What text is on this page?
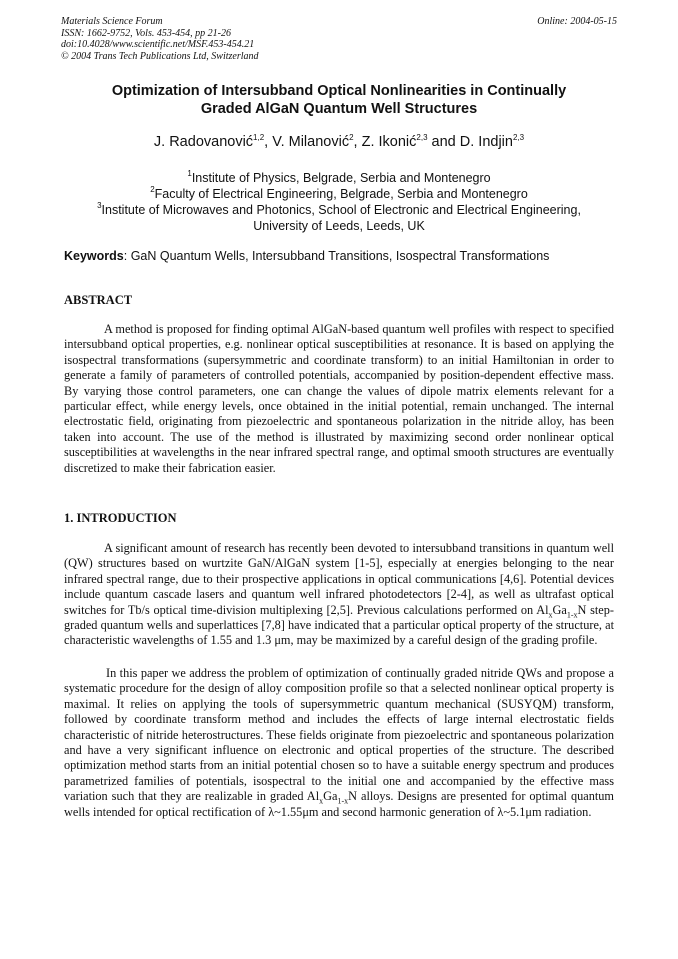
Materials Science Forum
ISSN: 1662-9752, Vols. 453-454, pp 21-26
doi:10.4028/www.scientific.net/MSF.453-454.21
© 2004 Trans Tech Publications Ltd, Switzerland
Online: 2004-05-15
Optimization of Intersubband Optical Nonlinearities in Continually
Graded AlGaN Quantum Well Structures
J. Radovanović$^{1,2}$, V. Milanović$^2$, Z. Ikonić$^{2,3}$ and D. Indjin$^{2,3}$
$^1$Institute of Physics, Belgrade, Serbia and Montenegro
$^2$Faculty of Electrical Engineering, Belgrade, Serbia and Montenegro
$^3$Institute of Microwaves and Photonics, School of Electronic and Electrical Engineering,
University of Leeds, Leeds, UK
Keywords: GaN Quantum Wells, Intersubband Transitions, Isospectral Transformations
ABSTRACT
A method is proposed for finding optimal AlGaN-based quantum well profiles with respect to specified intersubband optical properties, e.g. nonlinear optical susceptibilities at resonance. It is based on applying the isospectral transformations (supersymmetric and coordinate transform) to an initial Hamiltonian in order to generate a family of parameters of controlled potentials, accompanied by position-dependent effective mass. By varying those control parameters, one can change the values of dipole matrix elements relevant for a particular effect, while energy levels, once obtained in the initial potential, remain unchanged. The internal electrostatic field, originating from piezoelectric and spontaneous polarization in the nitride alloy, has been taken into account. The use of the method is illustrated by maximizing second order nonlinear optical susceptibilities at wavelengths in the near infrared spectral range, and optimal smooth structures are eventually discretized to make their fabrication easier.
1. INTRODUCTION
A significant amount of research has recently been devoted to intersubband transitions in quantum well (QW) structures based on wurtzite GaN/AlGaN system [1-5], especially at energies belonging to the near infrared spectral range, due to their prospective applications in optical communications [4,6]. Potential devices include quantum cascade lasers and quantum well infrared photodetectors [2-4], as well as ultrafast optical switches for Tb/s optical time-division multiplexing [2,5]. Previous calculations performed on $Al_xGa_{1-x}N$ step-graded quantum wells and superlattices [7,8] have indicated that a particular optical property of the structure, at characteristic wavelengths of 1.55 and 1.3 μm, may be maximized by a careful design of the grading profile.
In this paper we address the problem of optimization of continually graded nitride QWs and propose a systematic procedure for the design of alloy composition profile so that a selected nonlinear optical property is maximal. It relies on applying the tools of supersymmetric quantum mechanical (SUSYQM) transform, followed by coordinate transform method and includes the effects of large internal electrostatic fields characteristic of nitride heterostructures. These fields originate from piezoelectric and spontaneous polarization and have a very significant influence on electronic and optical properties of the structure. The described optimization method starts from an initial potential chosen so to have a suitable energy spectrum and produces parametrized families of potentials, isospectral to the initial one and accompanied by the effective mass variation such that they are realizable in graded $Al_xGa_{1-x}N$ alloys. Designs are presented for optimal quantum wells intended for optical rectification of λ~1.55μm and second harmonic generation of λ~5.1μm radiation.
